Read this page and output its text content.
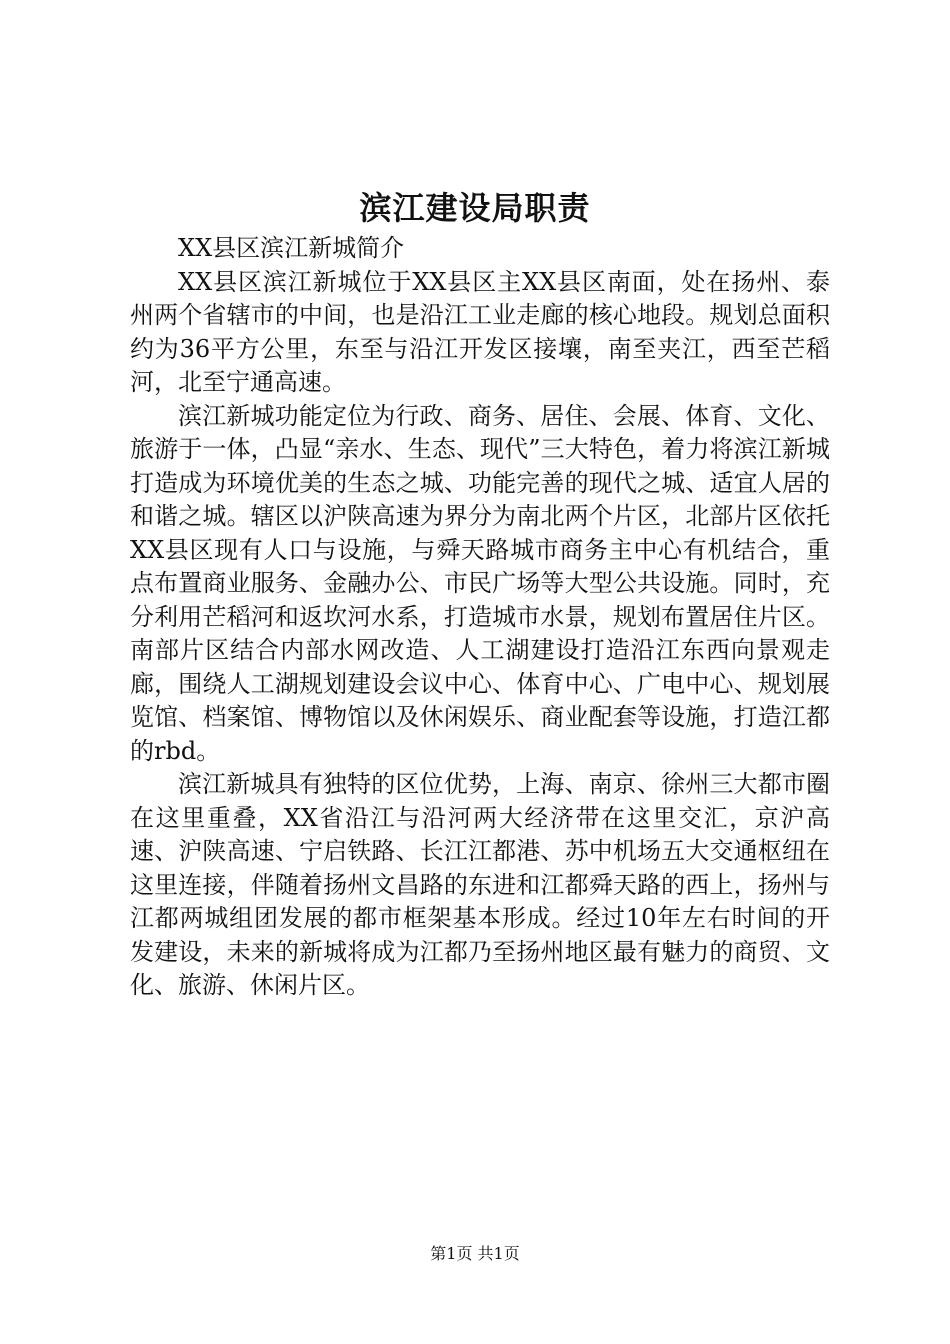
滨江建设局职责

XX县区滨江新城简介

XX县区滨江新城位于XX县区主XX县区南面，处在扬州、泰州两个省辖市的中间，也是沿江工业走廊的核心地段。规划总面积约为36平方公里，东至与沿江开发区接壤，南至夹江，西至芒稻河，北至宁通高速。

滨江新城功能定位为行政、商务、居住、会展、体育、文化、旅游于一体，凸显“亲水、生态、现代”三大特色，着力将滨江新城打造成为环境优美的生态之城、功能完善的现代之城、适宜人居的和谐之城。辖区以沪陕高速为界分为南北两个片区，北部片区依托XX县区现有人口与设施，与舜天路城市商务主中心有机结合，重点布置商业服务、金融办公、市民广场等大型公共设施。同时，充分利用芒稻河和返坎河水系，打造城市水景，规划布置居住片区。南部片区结合内部水网改造、人工湖建设打造沿江东西向景观走廊，围绕人工湖规划建设会议中心、体育中心、广电中心、规划展览馆、档案馆、博物馆以及休闲娱乐、商业配套等设施，打造江都的rbd。

滨江新城具有独特的区位优势，上海、南京、徐州三大都市圈在这里重叠，XX省沿江与沿河两大经济带在这里交汇，京沪高速、沪陕高速、宁启铁路、长江江都港、苏中机场五大交通枢纽在这里连接，伴随着扬州文昌路的东进和江都舜天路的西上，扬州与江都两城组团发展的都市框架基本形成。经过10年左右时间的开发建设，未来的新城将成为江都乃至扬州地区最有魅力的商贸、文化、旅游、休闲片区。

第1页 共1页
